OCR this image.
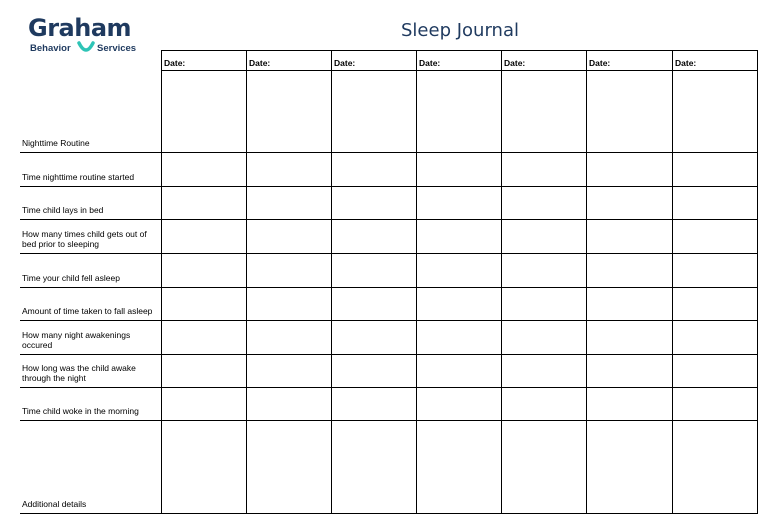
Graham
Behavior	Services
Sleep Journal
Date:	Date:	Date:	Date:	Date:	Date:	Date:
Nighttime Routine
Time nighttime routine started
Time child lays in bed
How many times child gets out of bed prior to sleeping
Time your child fell asleep
Amount of time taken to fall asleep
How many night awakenings occured
How long was the child awake through the night
Time child woke in the morning
Additional details
